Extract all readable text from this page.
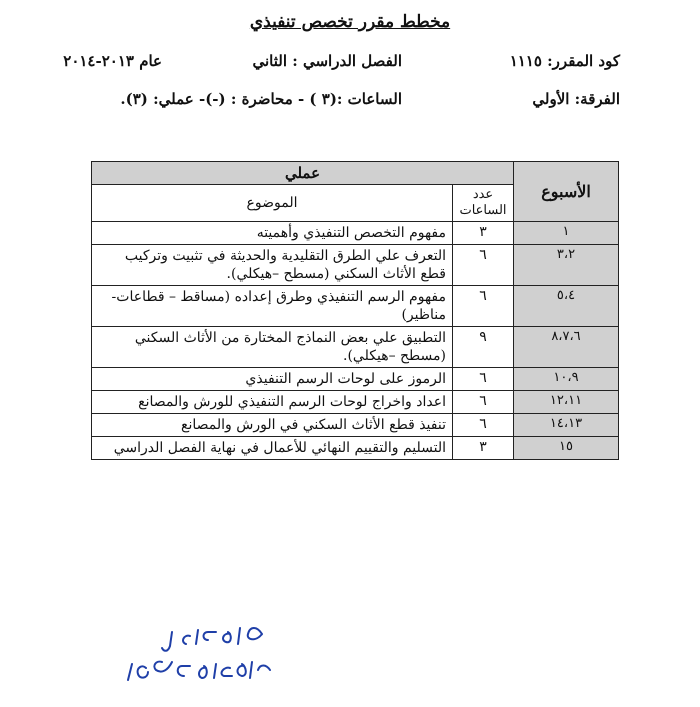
مخطط مقرر تخصص تنفيذي
كود المقرر: ١١١٥
الفصل الدراسي : الثاني
عام ٢٠١٣-٢٠١٤
الفرقة: الأولي
الساعات :(٣ ) - محاضرة : (-)- عملي: (٣).
الأسبوع	عملي	
	عدد الساعات	الموضوع
١	٣	مفهوم التخصص التنفيذي وأهميته
٣،٢	٦	التعرف علي الطرق التقليدية والحديثة في تثبيت وتركيب قطع الأثاث السكني (مسطح –هيكلي).
٥،٤	٦	مفهوم الرسم التنفيذي وطرق إعداده (مساقط – قطاعات- مناظير)
٨،٧،٦	٩	التطبيق علي بعض النماذج المختارة من الأثاث السكني (مسطح –هيكلي).
١٠،٩	٦	الرموز على لوحات الرسم التنفيذي
١٢،١١	٦	اعداد واخراج لوحات الرسم التنفيذي للورش والمصانع
١٤،١٣	٦	تنفيذ قطع الأثاث السكني في الورش والمصانع
١٥	٣	التسليم والتقييم النهائي للأعمال في نهاية الفصل الدراسي
